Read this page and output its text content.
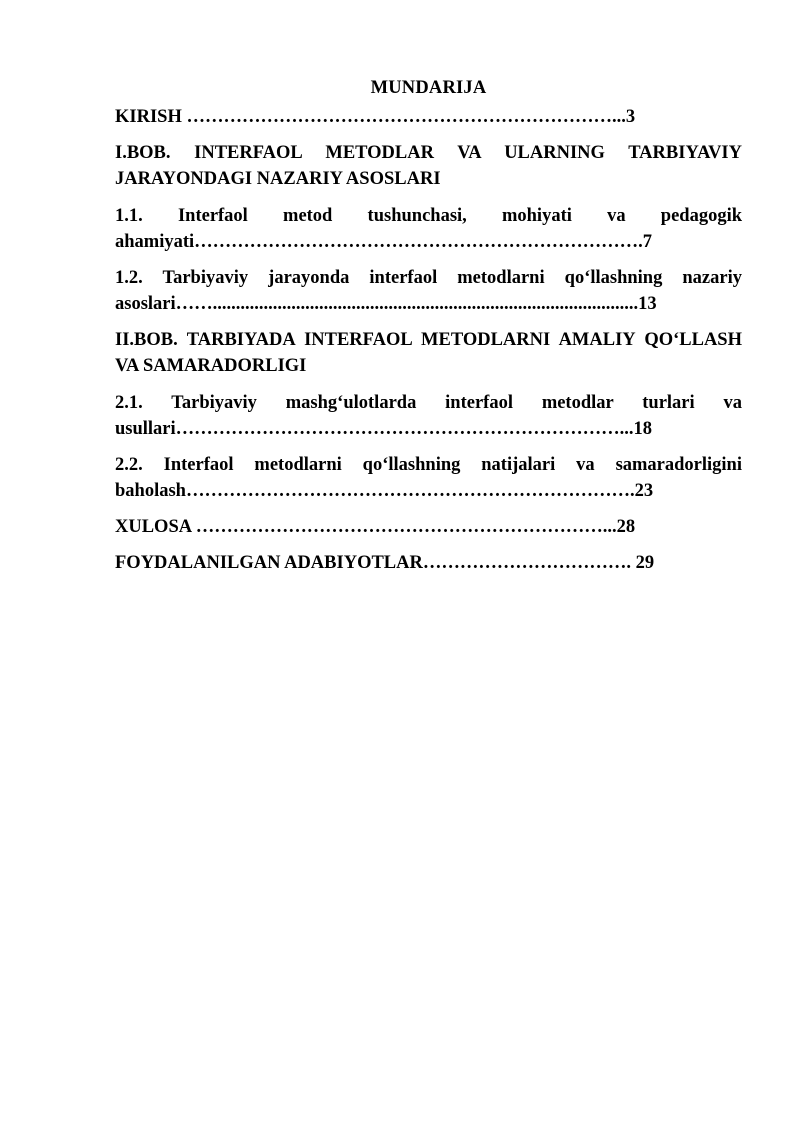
MUNDARIJA
KIRISH ……………………………………………………………...3
I.BOB. INTERFAOL METODLAR VA ULARNING TARBIYAVIY JARAYONDAGI NAZARIY ASOSLARI
1.1. Interfaol metod tushunchasi, mohiyati va pedagogik ahamiyati……………………………………………………………….7
1.2. Tarbiyaviy jarayonda interfaol metodlarni qo‘llashning nazariy asoslari……............................................................................................13
II.BOB. TARBIYADA INTERFAOL METODLARNI AMALIY QO‘LLASH VA SAMARADORLIGI
2.1. Tarbiyaviy mashg‘ulotlarda interfaol metodlar turlari va usullari………………………………………………………………...18
2.2. Interfaol metodlarni qo‘llashning natijalari va samaradorligini baholash……………………………………………………………….23
XULOSA …………………………………………………………...28
FOYDALANILGAN ADABIYOTLAR……………………………. 29
